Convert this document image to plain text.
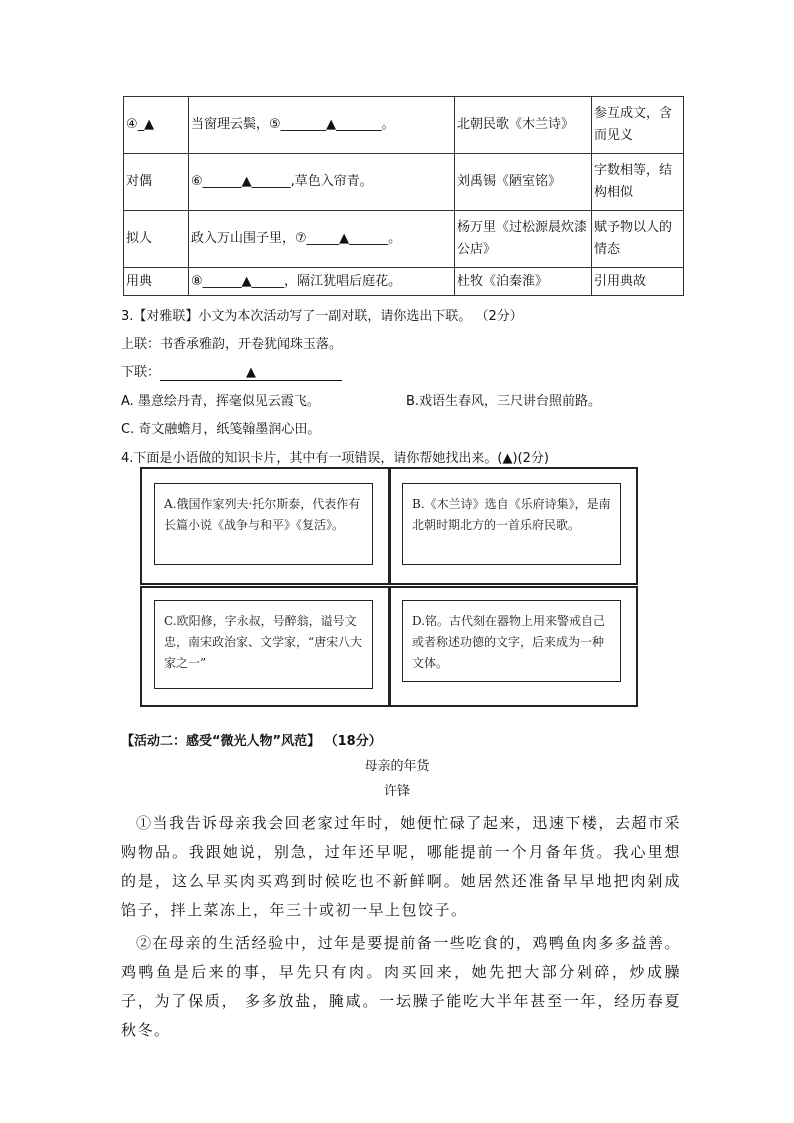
④_▲	当窗理云鬓，⑤_______▲_______。	北朝民歌《木兰诗》	参互成文，含而见义
对偶	⑥______▲______,草色入帘青。	刘禹锡《陋室铭》	字数相等，结构相似
拟人	政入万山围子里，⑦_____▲______。	杨万里《过松源晨炊漆公店》	赋予物以人的情态
用典	⑧______▲_____，隔江犹唱后庭花。	杜牧《泊秦淮》	引用典故
3.【对雅联】小文为本次活动写了一副对联，请你选出下联。 （2分）
上联：书香承雅韵，开卷犹闻珠玉落。
下联：	▲
A. 墨意绘丹青，挥毫似见云霞飞。	B.戏语生春风，三尺讲台照前路。
C. 奇文融蟾月，纸笺翰墨润心田。
4.下面是小语做的知识卡片，其中有一项错误，请你帮她找出来。(▲)(2分)
A.俄国作家列夫·托尔斯泰，代表作有长篇小说《战争与和平》《复活》。
B.《木兰诗》选自《乐府诗集》，是南北朝时期北方的一首乐府民歌。
C.欧阳修，字永叔，号醉翁，谥号文忠，南宋政治家、文学家，“唐宋八大家之一”
D.铭。古代刻在器物上用来警戒自己或者称述功德的文字，后来成为一种文体。
【活动二：感受“微光人物”风范】 （18分）
母亲的年货
许锋
①当我告诉母亲我会回老家过年时，她便忙碌了起来，迅速下楼，去超市采购物品。我跟她说，别急，过年还早呢，哪能提前一个月备年货。我心里想的是，这么早买肉买鸡到时候吃也不新鲜啊。她居然还准备早早地把肉剁成馅子，拌上菜冻上，年三十或初一早上包饺子。
②在母亲的生活经验中，过年是要提前备一些吃食的，鸡鸭鱼肉多多益善。鸡鸭鱼是后来的事，早先只有肉。肉买回来，她先把大部分剁碎，炒成臊子，为了保质， 多多放盐，腌咸。一坛臊子能吃大半年甚至一年，经历春夏秋冬。
